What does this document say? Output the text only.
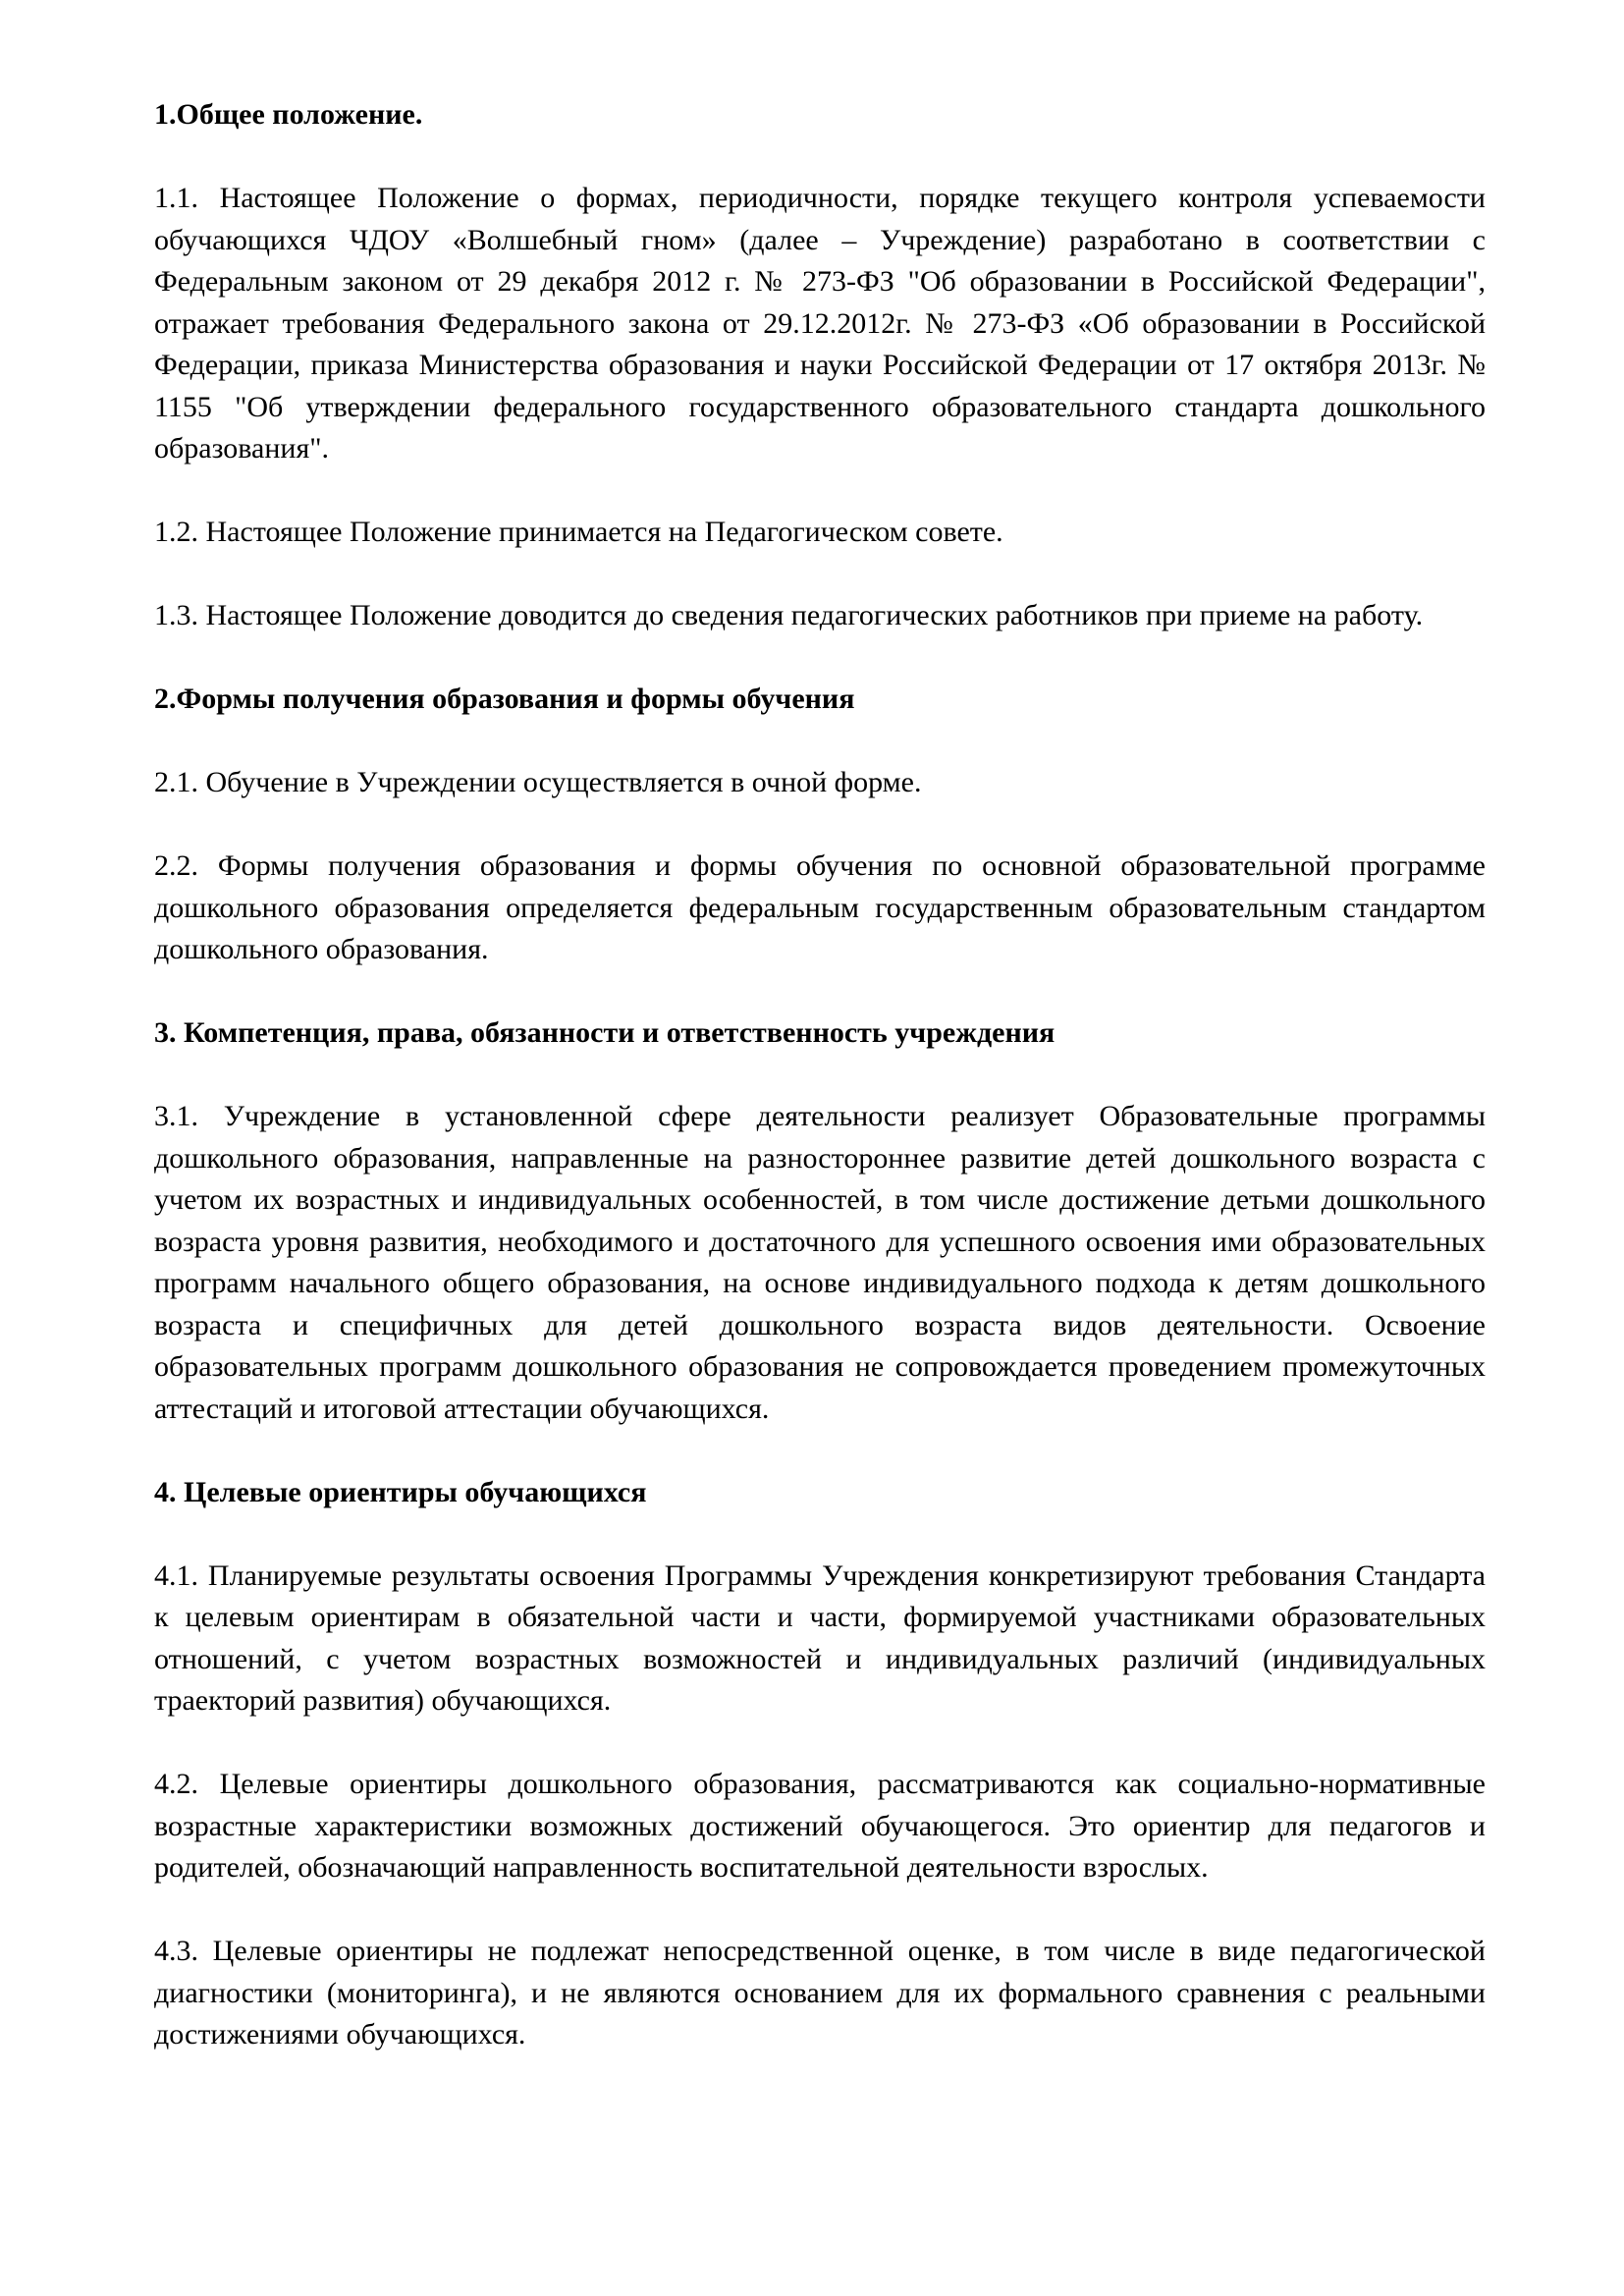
1.Общее положение.

1.1. Настоящее Положение о формах, периодичности, порядке текущего контроля успеваемости обучающихся ЧДОУ «Волшебный гном» (далее – Учреждение) разработано в соответствии с Федеральным законом от 29 декабря 2012 г. № 273-ФЗ "Об образовании в Российской Федерации", отражает требования Федерального закона от 29.12.2012г. № 273-ФЗ «Об образовании в Российской Федерации, приказа Министерства образования и науки Российской Федерации от 17 октября 2013г. № 1155 "Об утверждении федерального государственного образовательного стандарта дошкольного образования".

1.2. Настоящее Положение принимается на Педагогическом совете.

1.3. Настоящее Положение доводится до сведения педагогических работников при приеме на работу.

2.Формы получения образования и формы обучения

2.1. Обучение в Учреждении осуществляется в очной форме.

2.2. Формы получения образования и формы обучения по основной образовательной программе дошкольного образования определяется федеральным государственным образовательным стандартом дошкольного образования.

3. Компетенция, права, обязанности и ответственность учреждения

3.1. Учреждение в установленной сфере деятельности реализует Образовательные программы дошкольного образования, направленные на разностороннее развитие детей дошкольного возраста с учетом их возрастных и индивидуальных особенностей, в том числе достижение детьми дошкольного возраста уровня развития, необходимого и достаточного для успешного освоения ими образовательных программ начального общего образования, на основе индивидуального подхода к детям дошкольного возраста и специфичных для детей дошкольного возраста видов деятельности. Освоение образовательных программ дошкольного образования не сопровождается проведением промежуточных аттестаций и итоговой аттестации обучающихся.

4. Целевые ориентиры обучающихся

4.1. Планируемые результаты освоения Программы Учреждения конкретизируют требования Стандарта к целевым ориентирам в обязательной части и части, формируемой участниками образовательных отношений, с учетом возрастных возможностей и индивидуальных различий (индивидуальных траекторий развития) обучающихся.

4.2. Целевые ориентиры дошкольного образования, рассматриваются как социально-нормативные возрастные характеристики возможных достижений обучающегося. Это ориентир для педагогов и родителей, обозначающий направленность воспитательной деятельности взрослых.

4.3. Целевые ориентиры не подлежат непосредственной оценке, в том числе в виде педагогической диагностики (мониторинга), и не являются основанием для их формального сравнения с реальными достижениями обучающихся.
